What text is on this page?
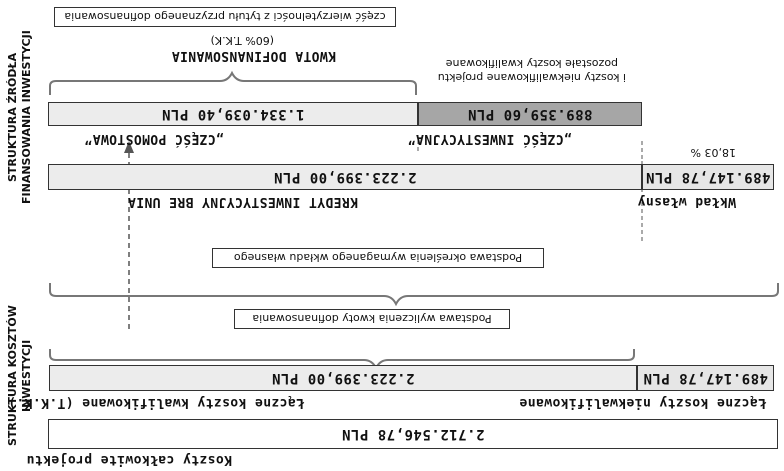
część wierzytelności z tytułu przyznanego dofinansowania
(60% T.K.K)
KWOTA DOFINANSOWANIA
i koszty niekwalifikowane projektu
pozostałe koszty kwalifikowane
1.334.039,40 PLN	889.359,60 PLN
„CZĘŚĆ POMOSTOWA”	„CZĘŚĆ INWESTYCYJNA”
18,03 %
2.223.399,00 PLN	489.147,78 PLN
KREDYT INWESTYCYJNY BRE UNIA	Wkład własny
Podstawa określenia wymaganego wkładu własnego
Podstawa wyliczenia kwoty dofinansowania
2.223.399,00 PLN	489.147,78 PLN
Łączne koszty kwalifikowane (T.K.K.)	Łączne koszty niekwalifikowane
2.712.546,78 PLN
Koszty całkowite projektu
STRUKTURA ŹRÓDŁA
FINANSOWANIA INWESTYCJI
STRUKTURA KOSZTÓW
INWESTYCJI
